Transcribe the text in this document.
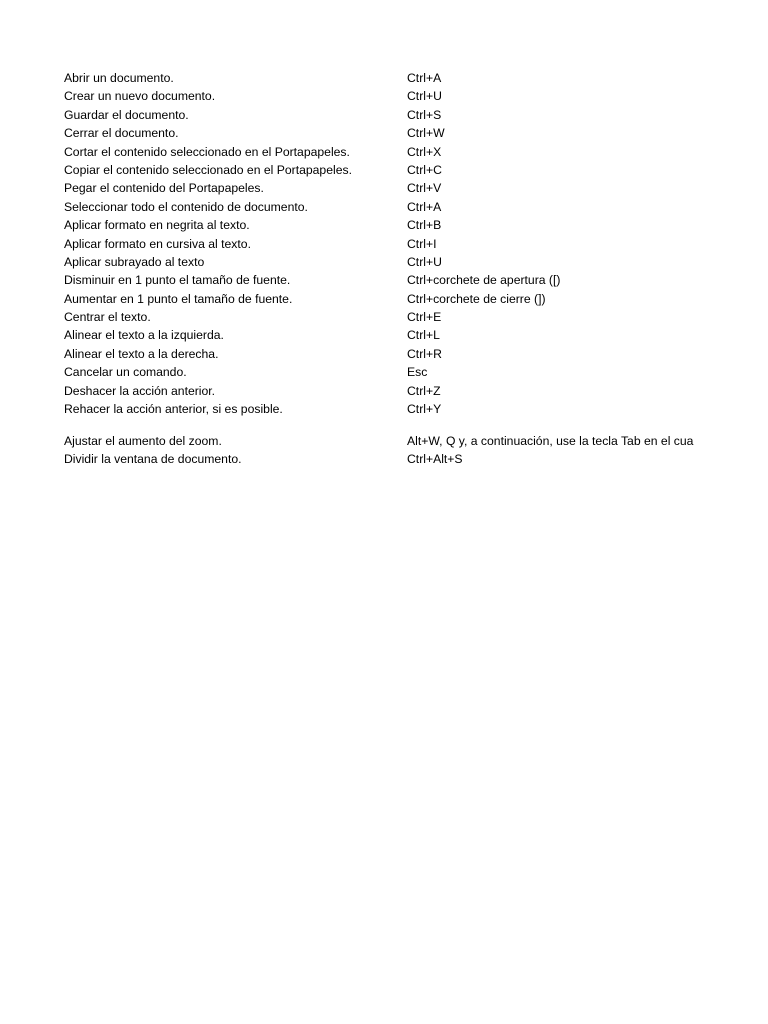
Abrir un documento.	Ctrl+A
Crear un nuevo documento.	Ctrl+U
Guardar el documento.	Ctrl+S
Cerrar el documento.	Ctrl+W
Cortar el contenido seleccionado en el Portapapeles.	Ctrl+X
Copiar el contenido seleccionado en el Portapapeles.	Ctrl+C
Pegar el contenido del Portapapeles.	Ctrl+V
Seleccionar todo el contenido de documento.	Ctrl+A
Aplicar formato en negrita al texto.	Ctrl+B
Aplicar formato en cursiva al texto.	Ctrl+I
Aplicar subrayado al texto	Ctrl+U
Disminuir en 1 punto el tamaño de fuente.	Ctrl+corchete de apertura ([)
Aumentar en 1 punto el tamaño de fuente.	Ctrl+corchete de cierre (])
Centrar el texto.	Ctrl+E
Alinear el texto a la izquierda.	Ctrl+L
Alinear el texto a la derecha.	Ctrl+R
Cancelar un comando.	Esc
Deshacer la acción anterior.	Ctrl+Z
Rehacer la acción anterior, si es posible.	Ctrl+Y
Ajustar el aumento del zoom.	Alt+W, Q y, a continuación, use la tecla Tab en el cua
Dividir la ventana de documento.	Ctrl+Alt+S
